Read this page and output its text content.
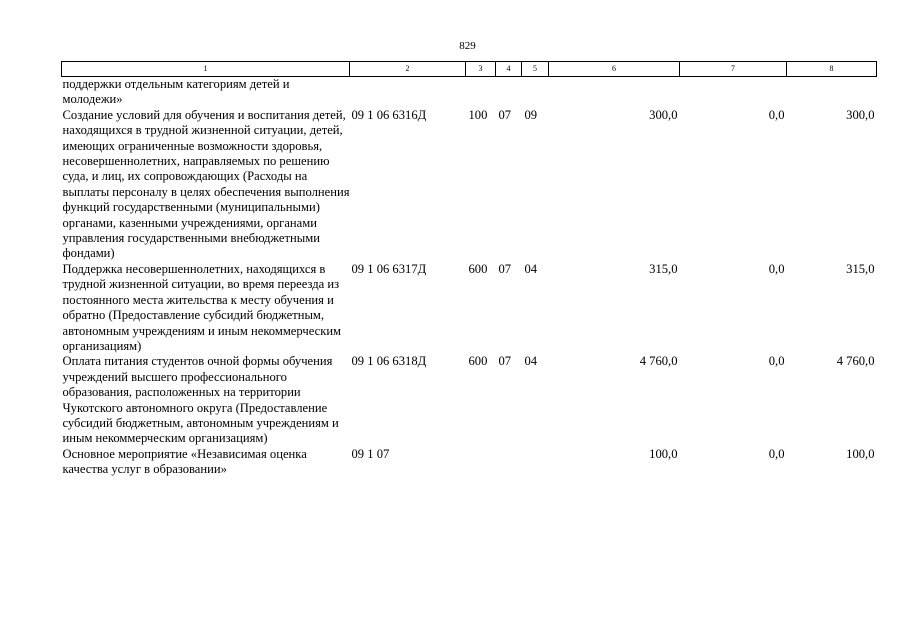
829
1	2	3	4	5	6	7	8
поддержки отдельным категориям детей и молодежи»							
Создание условий для обучения и воспитания детей, находящихся в трудной жизненной ситуации, детей, имеющих ограниченные возможности здоровья, несовершеннолетних, направляемых по решению суда, и лиц, их сопровождающих (Расходы на выплаты персоналу в целях обеспечения выполнения функций государственными (муниципальными) органами, казенными учреждениями, органами управления государственными внебюджетными фондами)	09 1 06 6316Д	100	07	09	300,0	0,0	300,0
Поддержка несовершеннолетних, находящихся в трудной жизненной ситуации, во время переезда из постоянного места жительства к месту обучения и обратно (Предоставление субсидий бюджетным, автономным учреждениям и иным некоммерческим организациям)	09 1 06 6317Д	600	07	04	315,0	0,0	315,0
Оплата питания студентов очной формы обучения учреждений высшего профессионального образования, расположенных на территории Чукотского автономного округа (Предоставление субсидий бюджетным, автономным учреждениям и иным некоммерческим организациям)	09 1 06 6318Д	600	07	04	4 760,0	0,0	4 760,0
Основное мероприятие «Независимая оценка качества услуг в образовании»	09 1 07				100,0	0,0	100,0
